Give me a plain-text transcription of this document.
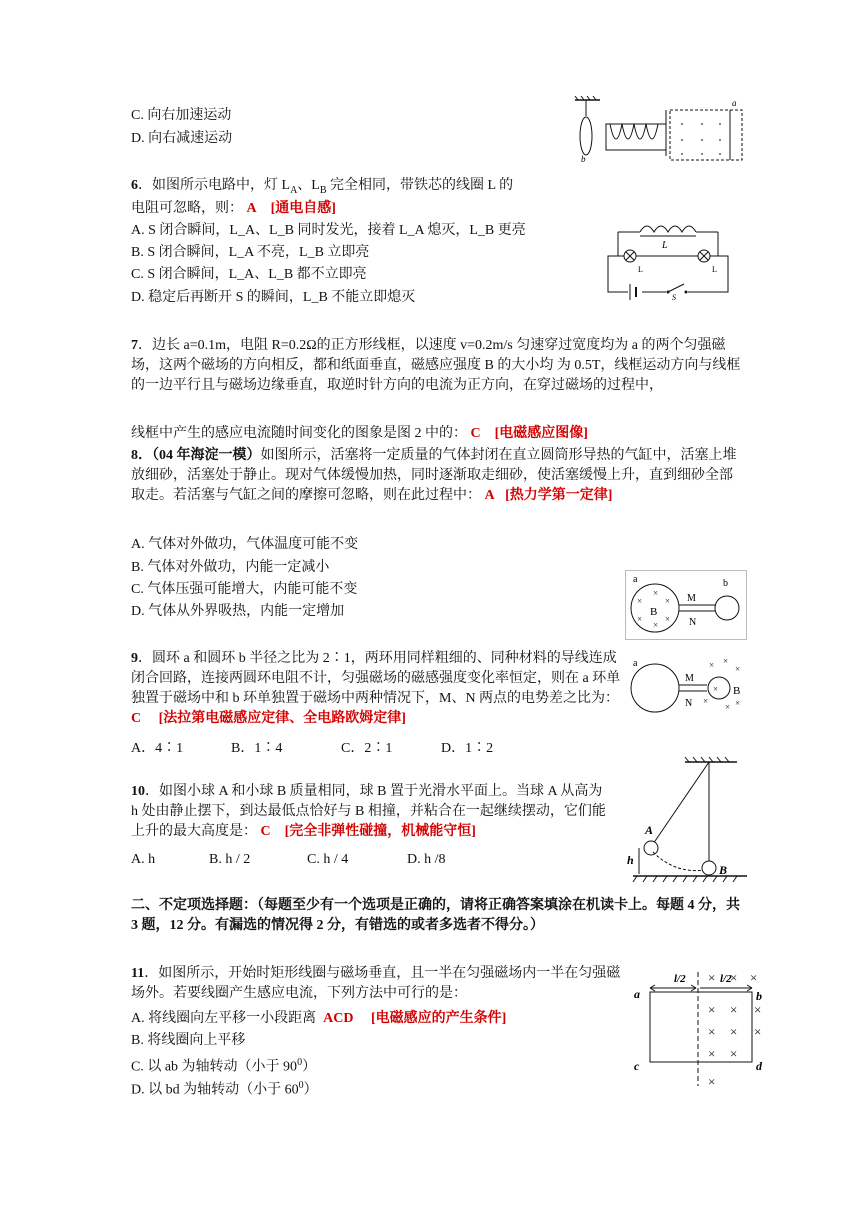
C. 向右加速运动
D. 向右减速运动
b
a
6．如图所示电路中，灯 $L_A$、$L_B$ 完全相同，带铁芯的线圈 L 的
电阻可忽略，则： A [通电自感]
A. S 闭合瞬间，L_A、L_B 同时发光，接着 L_A 熄灭，L_B 更亮
B. S 闭合瞬间，L_A 不亮，L_B 立即亮
C. S 闭合瞬间，L_A、L_B 都不立即亮
D. 稳定后再断开 S 的瞬间，L_B 不能立即熄灭
L
L	L
S
7．边长 a=0.1m，电阻 R=0.2Ω的正方形线框，以速度 v=0.2m/s 匀速穿过宽度均为 a 的两个匀强磁场，这两个磁场的方向相反，都和纸面垂直，磁感应强度 B 的大小均 为 0.5T，线框运动方向与线框的一边平行且与磁场边缘垂直，取逆时针方向的电流为正方向，在穿过磁场的过程中，
线框中产生的感应电流随时间变化的图象是图 2 中的： C [电磁感应图像]
8．（04 年海淀一模）如图所示，活塞将一定质量的气体封闭在直立圆筒形导热的气缸中，活塞上堆放细砂，活塞处于静止。现对气体缓慢加热，同时逐渐取走细砂，使活塞缓慢上升，直到细砂全部取走。若活塞与气缸之间的摩擦可忽略，则在此过程中： A [热力学第一定律]
A. 气体对外做功，气体温度可能不变
B. 气体对外做功，内能一定减小
C. 气体压强可能增大，内能可能不变
D. 气体从外界吸热，内能一定增加
a
×
×
×
×
×
×
B
M
N
b
a
M
N
× ×
×
×
×
× ×
B
9．圆环 a 和圆环 b 半径之比为 2∶1，两环用同样粗细的、同种材料的导线连成闭合回路，连接两圆环电阻不计，匀强磁场的磁感强度变化率恒定，则在 a 环单独置于磁场中和 b 环单独置于磁场中两种情况下，M、N 两点的电势差之比为： C [法拉第电磁感应定律、全电路欧姆定律]
A．4∶1	B．1∶4	C．2∶1	D．1∶2
A
B
h
10．如图小球 A 和小球 B 质量相同，球 B 置于光滑水平面上。当球 A 从高为 h 处由静止摆下，到达最低点恰好与 B 相撞，并粘合在一起继续摆动，它们能上升的最大高度是： C [完全非弹性碰撞，机械能守恒]
A. h	B. h / 2	C. h / 4	D. h /8
二、不定项选择题：（每题至少有一个选项是正确的，请将正确答案填涂在机读卡上。每题 4 分，共 3 题，12 分。有漏选的情况得 2 分，有错选的或者多选者不得分。）
11．如图所示，开始时矩形线圈与磁场垂直，且一半在匀强磁场内一半在匀强磁场外。若要线圈产生感应电流，下列方法中可行的是：
A. 将线圈向左平移一小段距离 ACD [电磁感应的产生条件]
B. 将线圈向上平移
C. 以 ab 为轴转动（小于 $90^0$）
D. 以 bd 为轴转动（小于 $60^0$）
l/2	l/2
a	b
c	d
× × ×
× × ×
× × ×
× ×
×
